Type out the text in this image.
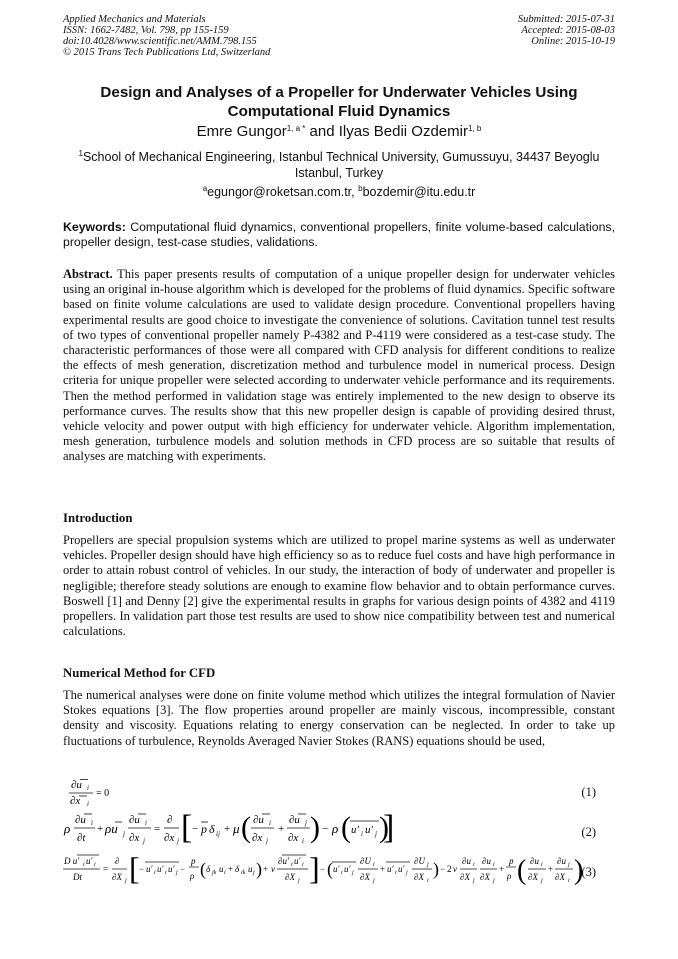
Applied Mechanics and Materials
ISSN: 1662-7482, Vol. 798, pp 155-159
doi:10.4028/www.scientific.net/AMM.798.155
© 2015 Trans Tech Publications Ltd, Switzerland
Submitted: 2015-07-31
Accepted: 2015-08-03
Online: 2015-10-19
Design and Analyses of a Propeller for Underwater Vehicles Using
Computational Fluid Dynamics
Emre Gungor$^{1, a *}$ and Ilyas Bedii Ozdemir$^{1, b}$
$^1$School of Mechanical Engineering, Istanbul Technical University, Gumussuyu, 34437 Beyoglu Istanbul, Turkey
$^a$egungor@roketsan.com.tr, $^b$bozdemir@itu.edu.tr
Keywords: Computational fluid dynamics, conventional propellers, finite volume-based calculations, propeller design, test-case studies, validations.
Abstract. This paper presents results of computation of a unique propeller design for underwater vehicles using an original in-house algorithm which is developed for the problems of fluid dynamics. Specific software based on finite volume calculations are used to validate design procedure. Conventional propellers having experimental results are good choice to investigate the convenience of solutions. Cavitation tunnel test results of two types of conventional propeller namely P-4382 and P-4119 were considered as a test-case study. The characteristic performances of those were all compared with CFD analysis for different conditions to realize the effects of mesh generation, discretization method and turbulence model in numerical process. Design criteria for unique propeller were selected according to underwater vehicle performance and its requirements. Then the method performed in validation stage was entirely implemented to the new design to observe its performance curves. The results show that this new propeller design is capable of providing desired thrust, vehicle velocity and power output with high efficiency for underwater vehicle. Algorithm implementation, mesh generation, turbulence models and solution methods in CFD process are so suitable that results of analyses are matching with experiments.
Introduction
Propellers are special propulsion systems which are utilized to propel marine systems as well as underwater vehicles. Propeller design should have high efficiency so as to reduce fuel costs and have high performance in order to attain robust control of vehicles. In our study, the interaction of body of underwater and propeller is negligible; therefore steady solutions are enough to examine flow behavior and to obtain performance curves. Boswell [1] and Denny [2] give the experimental results in graphs for various design points of 4382 and 4119 propellers. In validation part those test results are used to show nice compatibility between test and numerical calculations.
Numerical Method for CFD
The numerical analyses were done on finite volume method which utilizes the integral formulation of Navier Stokes equations [3]. The flow properties around propeller are mainly viscous, incompressible, constant density and viscosity. Equations relating to energy conservation can be neglected. In order to take up fluctuations of turbulence, Reynolds Averaged Navier Stokes (RANS) equations should be used,
∂u i
∂x i
= 0	(1)
ρ
∂u i
∂t
+ ρu j
∂u i
∂x j
=
∂
∂x j [ − p δ ij + μ ( ∂u i
∂x j
+
∂u j
∂x i ) − ρ ( u′ i u′ j )	(2)
D u′ i u′ i
Dt
=
∂
∂X j [ − u′ i u′ i u′ j −
p
ρ ( δ jk u i + δ ik u j ) + ν
∂u′ i u′ i
∂X j ] − ( u′ i u′ j
∂U i
∂X j
+ u′ i u′ j
∂U j
∂X i
) − 2 ν
∂u i
∂X j
∂u i
∂X j
+
p
ρ ( ∂u i
∂X j
+
∂u j
∂X i )
(3)
